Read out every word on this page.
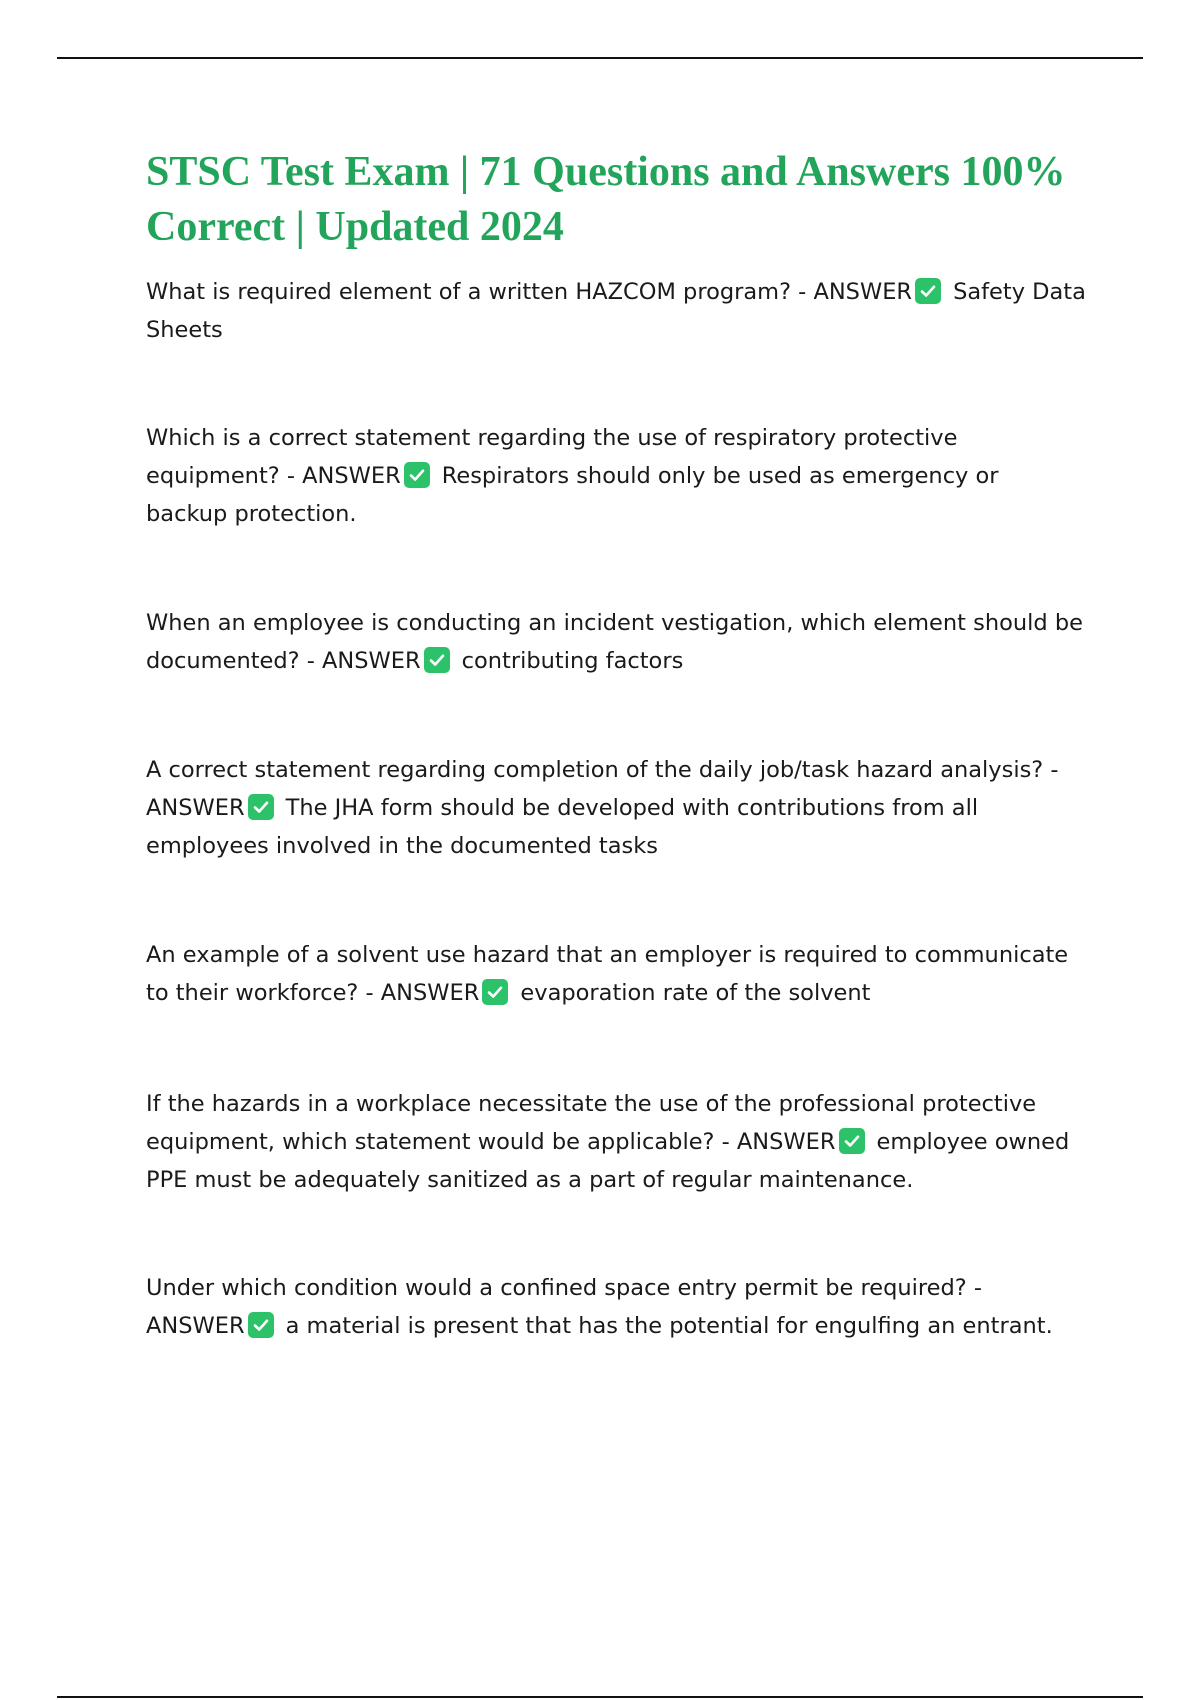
STSC Test Exam | 71 Questions and Answers 100% Correct | Updated 2024

What is required element of a written HAZCOM program? - ANSWER Safety Data Sheets

Which is a correct statement regarding the use of respiratory protective equipment? - ANSWER Respirators should only be used as emergency or backup protection.

When an employee is conducting an incident vestigation, which element should be documented? - ANSWER contributing factors

A correct statement regarding completion of the daily job/task hazard analysis? - ANSWER The JHA form should be developed with contributions from all employees involved in the documented tasks

An example of a solvent use hazard that an employer is required to communicate to their workforce? - ANSWER evaporation rate of the solvent

If the hazards in a workplace necessitate the use of the professional protective equipment, which statement would be applicable? - ANSWER employee owned PPE must be adequately sanitized as a part of regular maintenance.

Under which condition would a confined space entry permit be required? - ANSWER a material is present that has the potential for engulfing an entrant.
